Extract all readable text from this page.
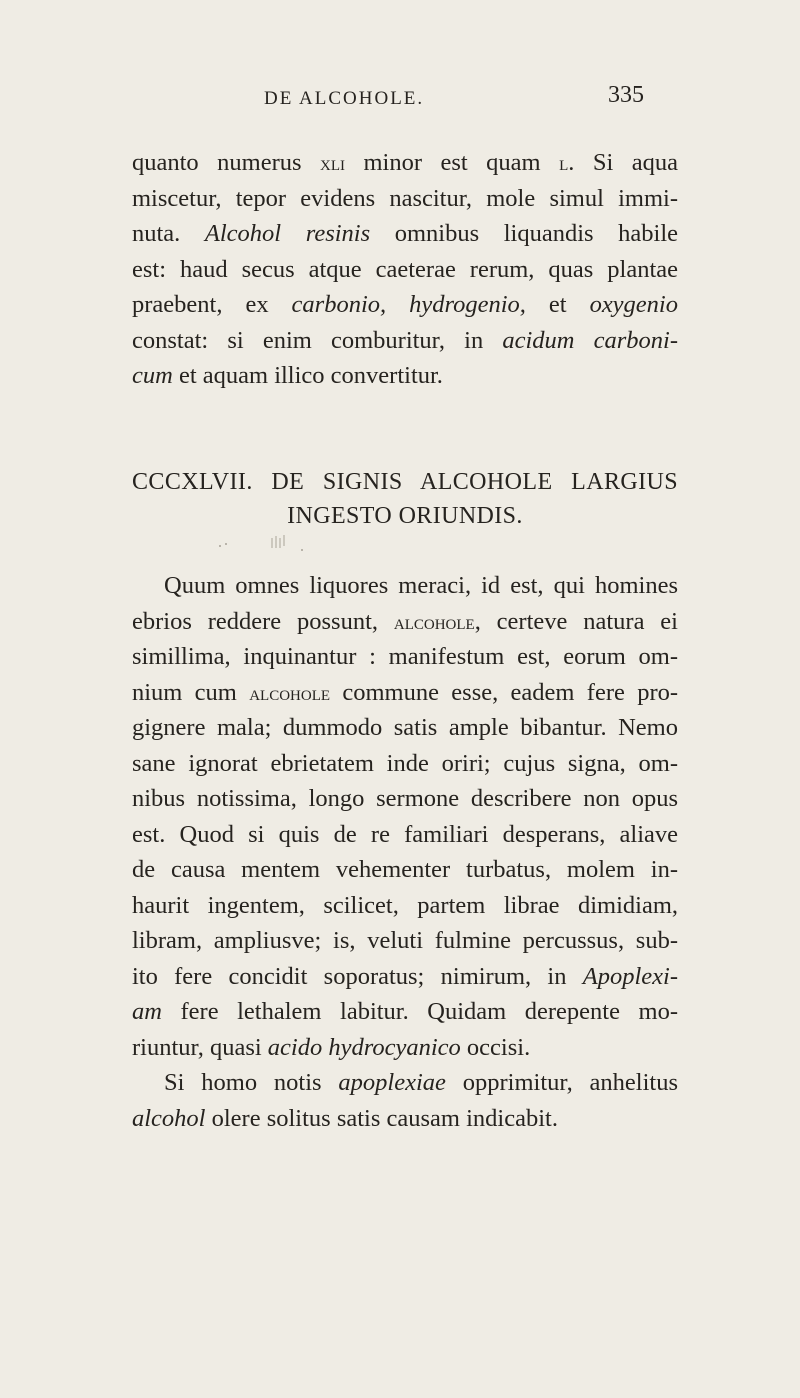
DE ALCOHOLE.	335
quanto numerus xli minor est quam l. Si aqua
miscetur, tepor evidens nascitur, mole simul immi-
nuta. Alcohol resinis omnibus liquandis habile
est: haud secus atque caeterae rerum, quas plantae
praebent, ex carbonio, hydrogenio, et oxygenio
constat: si enim comburitur, in acidum carboni-
cum et aquam illico convertitur.
CCCXLVII. DE SIGNIS ALCOHOLE LARGIUS
INGESTO ORIUNDIS.
Quum omnes liquores meraci, id est, qui homines
ebrios reddere possunt, alcohole, certeve natura ei
simillima, inquinantur : manifestum est, eorum om-
nium cum alcohole commune esse, eadem fere pro-
gignere mala; dummodo satis ample bibantur. Nemo
sane ignorat ebrietatem inde oriri; cujus signa, om-
nibus notissima, longo sermone describere non opus
est. Quod si quis de re familiari desperans, aliave
de causa mentem vehementer turbatus, molem in-
haurit ingentem, scilicet, partem librae dimidiam,
libram, ampliusve; is, veluti fulmine percussus, sub-
ito fere concidit soporatus; nimirum, in Apoplexi-
am fere lethalem labitur. Quidam derepente mo-
riuntur, quasi acido hydrocyanico occisi.
Si homo notis apoplexiae opprimitur, anhelitus
alcohol olere solitus satis causam indicabit.
